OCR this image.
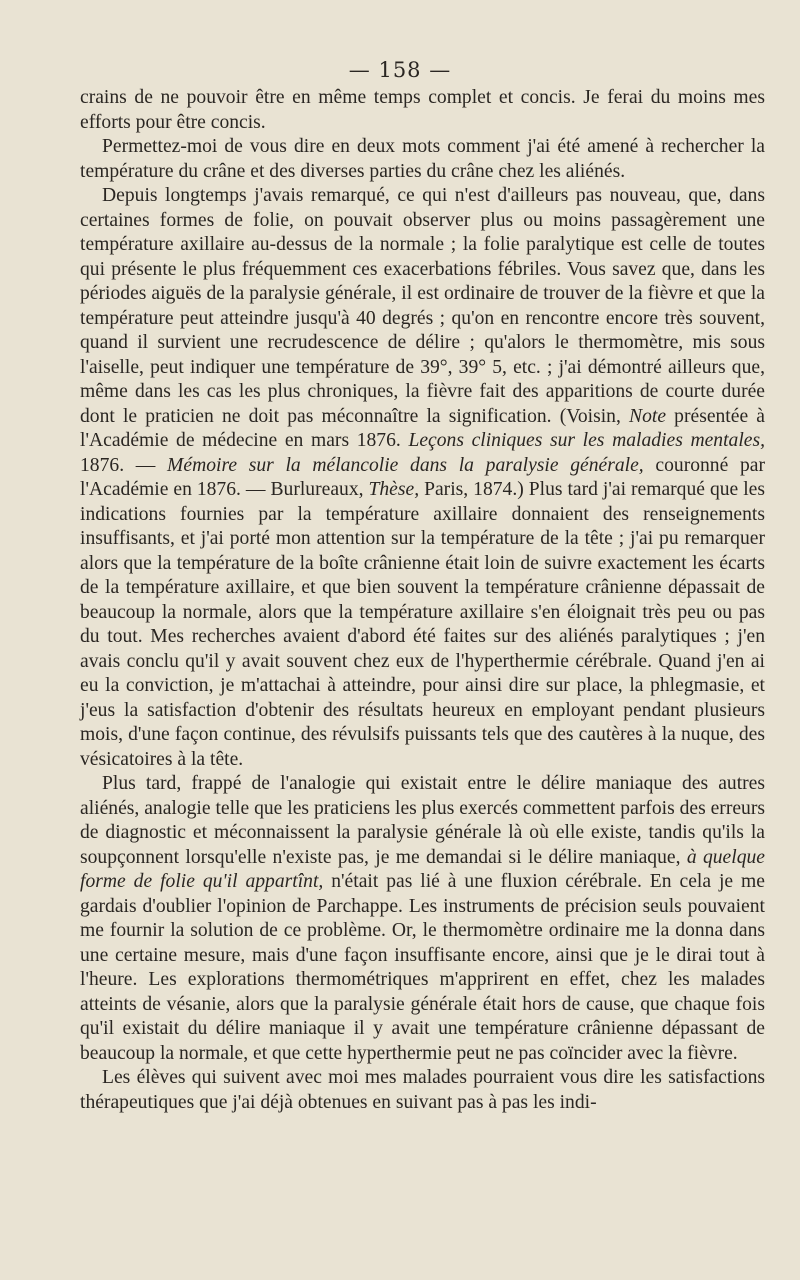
— 158 —

crains de ne pouvoir être en même temps complet et concis. Je ferai du moins mes efforts pour être concis.

Permettez-moi de vous dire en deux mots comment j'ai été amené à rechercher la température du crâne et des diverses parties du crâne chez les aliénés.

Depuis longtemps j'avais remarqué, ce qui n'est d'ailleurs pas nouveau, que, dans certaines formes de folie, on pouvait observer plus ou moins passagèrement une température axillaire au-dessus de la normale ; la folie paralytique est celle de toutes qui présente le plus fréquemment ces exacerbations fébriles. Vous savez que, dans les périodes aiguës de la paralysie générale, il est ordinaire de trouver de la fièvre et que la température peut atteindre jusqu'à 40 degrés ; qu'on en rencontre encore très souvent, quand il survient une recrudescence de délire ; qu'alors le thermomètre, mis sous l'aiselle, peut indiquer une température de 39°, 39° 5, etc. ; j'ai démontré ailleurs que, même dans les cas les plus chroniques, la fièvre fait des apparitions de courte durée dont le praticien ne doit pas méconnaître la signification. (Voisin, Note présentée à l'Académie de médecine en mars 1876. Leçons cliniques sur les maladies mentales, 1876. — Mémoire sur la mélancolie dans la paralysie générale, couronné par l'Académie en 1876. — Burlureaux, Thèse, Paris, 1874.) Plus tard j'ai remarqué que les indications fournies par la température axillaire donnaient des renseignements insuffisants, et j'ai porté mon attention sur la température de la tête ; j'ai pu remarquer alors que la température de la boîte crânienne était loin de suivre exactement les écarts de la température axillaire, et que bien souvent la température crânienne dépassait de beaucoup la normale, alors que la température axillaire s'en éloignait très peu ou pas du tout. Mes recherches avaient d'abord été faites sur des aliénés paralytiques ; j'en avais conclu qu'il y avait souvent chez eux de l'hyperthermie cérébrale. Quand j'en ai eu la conviction, je m'attachai à atteindre, pour ainsi dire sur place, la phlegmasie, et j'eus la satisfaction d'obtenir des résultats heureux en employant pendant plusieurs mois, d'une façon continue, des révulsifs puissants tels que des cautères à la nuque, des vésicatoires à la tête.

Plus tard, frappé de l'analogie qui existait entre le délire maniaque des autres aliénés, analogie telle que les praticiens les plus exercés commettent parfois des erreurs de diagnostic et méconnaissent la paralysie générale là où elle existe, tandis qu'ils la soupçonnent lorsqu'elle n'existe pas, je me demandai si le délire maniaque, à quelque forme de folie qu'il appartînt, n'était pas lié à une fluxion cérébrale. En cela je me gardais d'oublier l'opinion de Parchappe. Les instruments de précision seuls pouvaient me fournir la solution de ce problème. Or, le thermomètre ordinaire me la donna dans une certaine mesure, mais d'une façon insuffisante encore, ainsi que je le dirai tout à l'heure. Les explorations thermométriques m'apprirent en effet, chez les malades atteints de vésanie, alors que la paralysie générale était hors de cause, que chaque fois qu'il existait du délire maniaque il y avait une température crânienne dépassant de beaucoup la normale, et que cette hyperthermie peut ne pas coïncider avec la fièvre.

Les élèves qui suivent avec moi mes malades pourraient vous dire les satisfactions thérapeutiques que j'ai déjà obtenues en suivant pas à pas les indi-
